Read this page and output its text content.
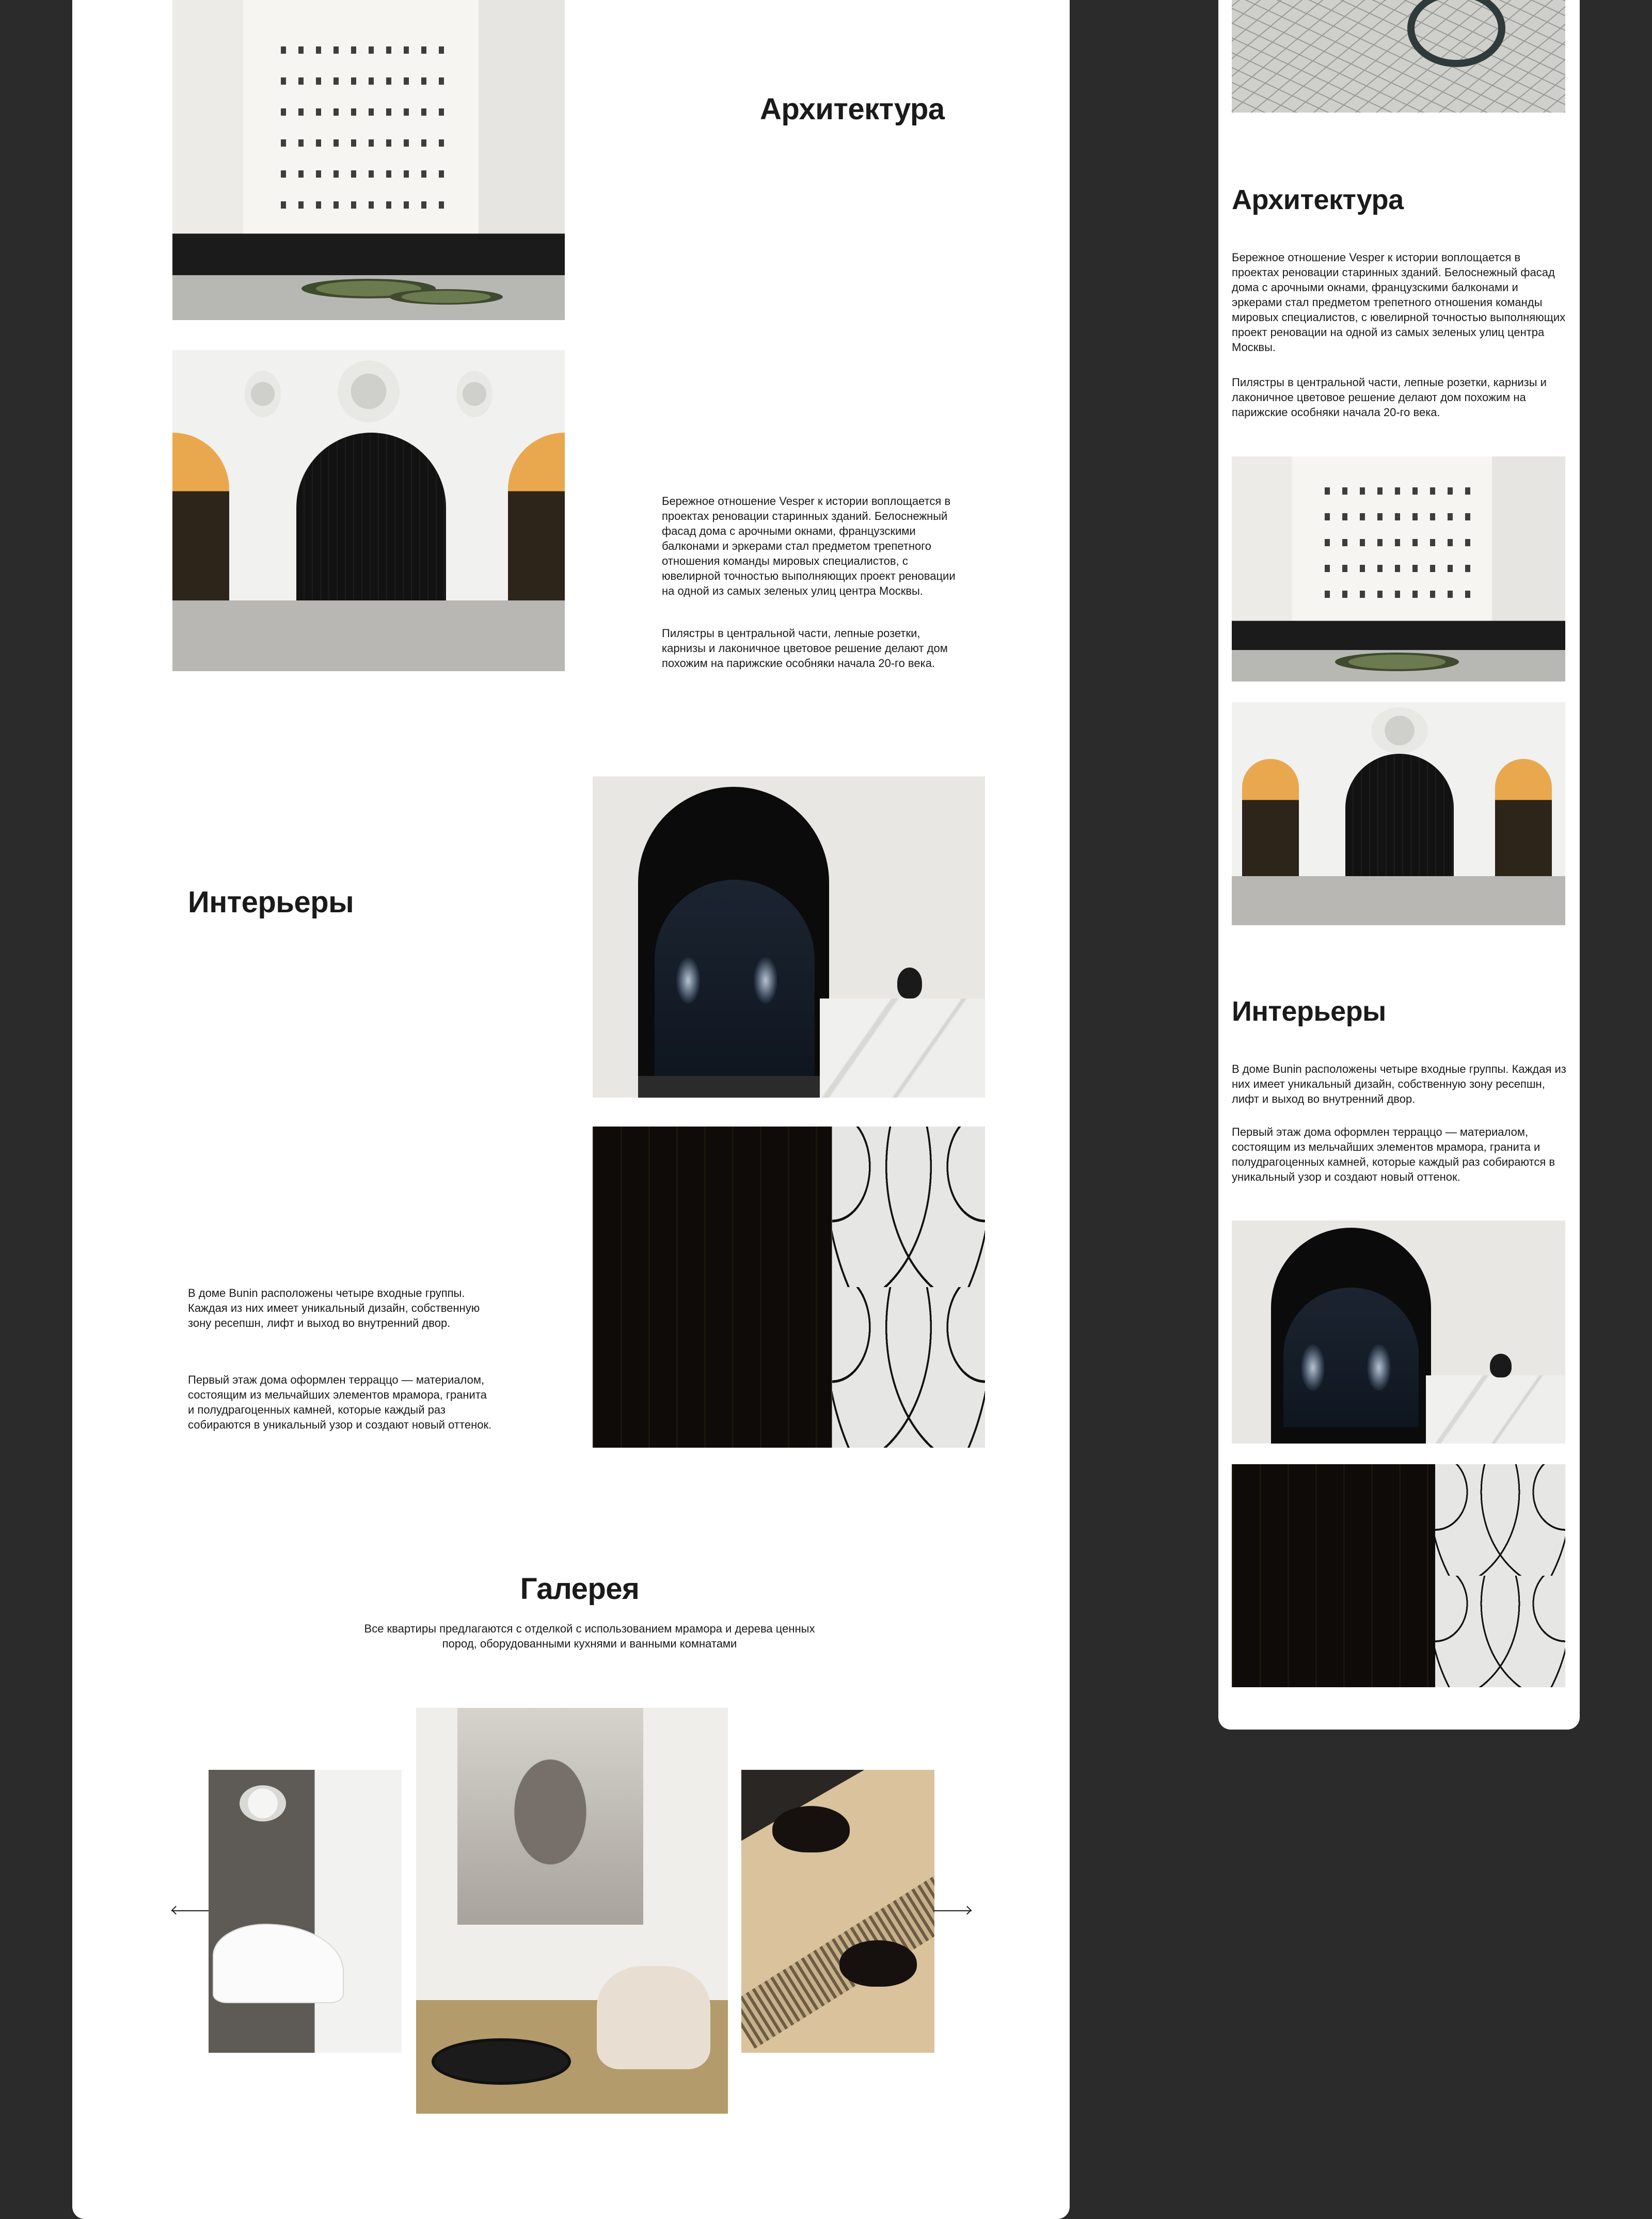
Архитектура
Бережное отношение Vesper к истории воплощается в проектах реновации старинных зданий. Белоснежный фасад дома с арочными окнами, французскими балконами и эркерами стал предметом трепетного отношения команды мировых специалистов, с ювелирной точностью выполняющих проект реновации на одной из самых зеленых улиц центра Москвы.
Пилястры в центральной части, лепные розетки, карнизы и лаконичное цветовое решение делают дом похожим на парижские особняки начала 20-го века.
Интерьеры
В доме Bunin расположены четыре входные группы. Каждая из них имеет уникальный дизайн, собственную зону ресепшн, лифт и выход во внутренний двор.
Первый этаж дома оформлен терраццо — материалом, состоящим из мельчайших элементов мрамора, гранита и полудрагоценных камней, которые каждый раз собираются в уникальный узор и создают новый оттенок.
Галерея
Все квартиры предлагаются с отделкой с использованием мрамора и дерева ценных пород, оборудованными кухнями и ванными комнатами
Архитектура
Бережное отношение Vesper к истории воплощается в проектах реновации старинных зданий. Белоснежный фасад дома с арочными окнами, французскими балконами и эркерами стал предметом трепетного отношения команды мировых специалистов, с ювелирной точностью выполняющих проект реновации на одной из самых зеленых улиц центра Москвы.
Пилястры в центральной части, лепные розетки, карнизы и лаконичное цветовое решение делают дом похожим на парижские особняки начала 20-го века.
Интерьеры
В доме Bunin расположены четыре входные группы. Каждая из них имеет уникальный дизайн, собственную зону ресепшн, лифт и выход во внутренний двор.
Первый этаж дома оформлен терраццо — материалом, состоящим из мельчайших элементов мрамора, гранита и полудрагоценных камней, которые каждый раз собираются в уникальный узор и создают новый оттенок.
